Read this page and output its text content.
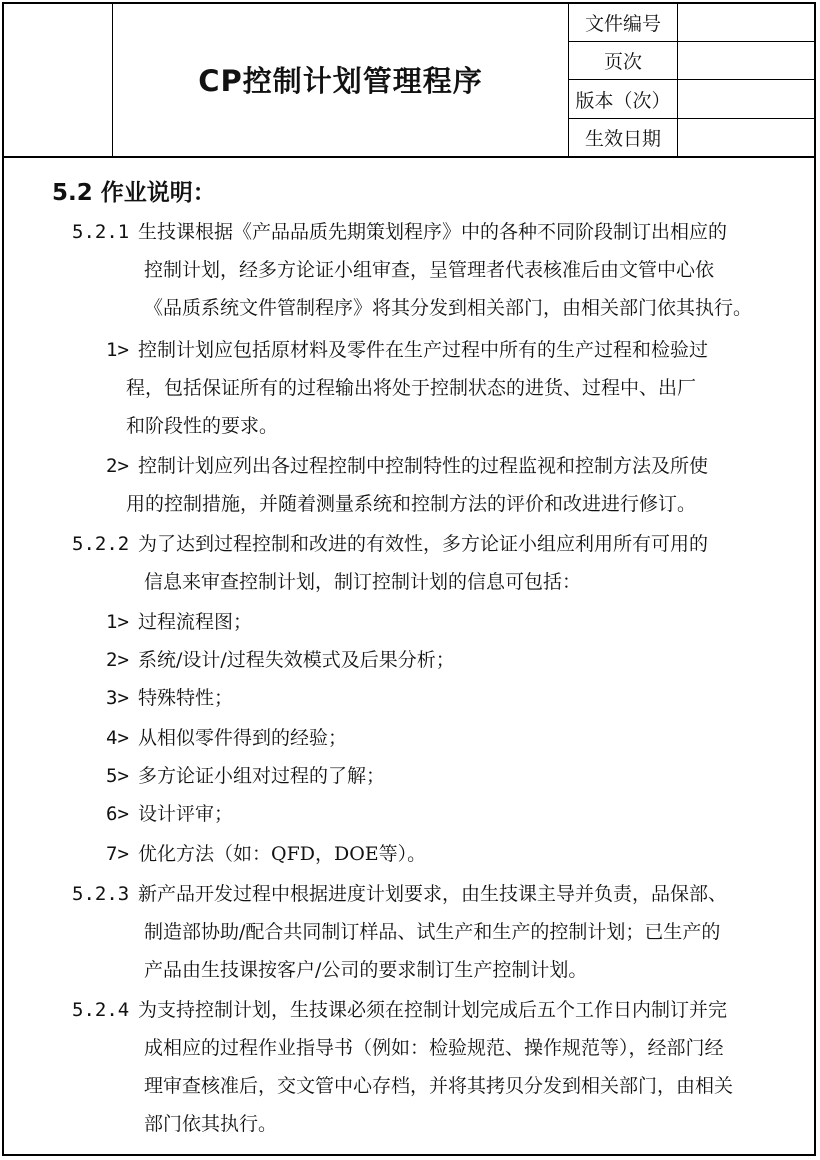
CP控制计划管理程序
文件编号	
页次	
版本（次）	
生效日期	
5.2 作业说明：
5.2.1 生技课根据《产品品质先期策划程序》中的各种不同阶段制订出相应的
控制计划，经多方论证小组审查，呈管理者代表核准后由文管中心依
《品质系统文件管制程序》将其分发到相关部门，由相关部门依其执行。
1> 控制计划应包括原材料及零件在生产过程中所有的生产过程和检验过
程，包括保证所有的过程输出将处于控制状态的进货、过程中、出厂
和阶段性的要求。
2> 控制计划应列出各过程控制中控制特性的过程监视和控制方法及所使
用的控制措施，并随着测量系统和控制方法的评价和改进进行修订。
5.2.2 为了达到过程控制和改进的有效性，多方论证小组应利用所有可用的
信息来审查控制计划，制订控制计划的信息可包括：
1> 过程流程图；
2> 系统/设计/过程失效模式及后果分析；
3> 特殊特性；
4> 从相似零件得到的经验；
5> 多方论证小组对过程的了解；
6> 设计评审；
7> 优化方法（如：QFD，DOE等）。
5.2.3 新产品开发过程中根据进度计划要求，由生技课主导并负责，品保部、
制造部协助/配合共同制订样品、试生产和生产的控制计划；已生产的
产品由生技课按客户/公司的要求制订生产控制计划。
5.2.4 为支持控制计划，生技课必须在控制计划完成后五个工作日内制订并完
成相应的过程作业指导书（例如：检验规范、操作规范等），经部门经
理审查核准后，交文管中心存档，并将其拷贝分发到相关部门，由相关
部门依其执行。
